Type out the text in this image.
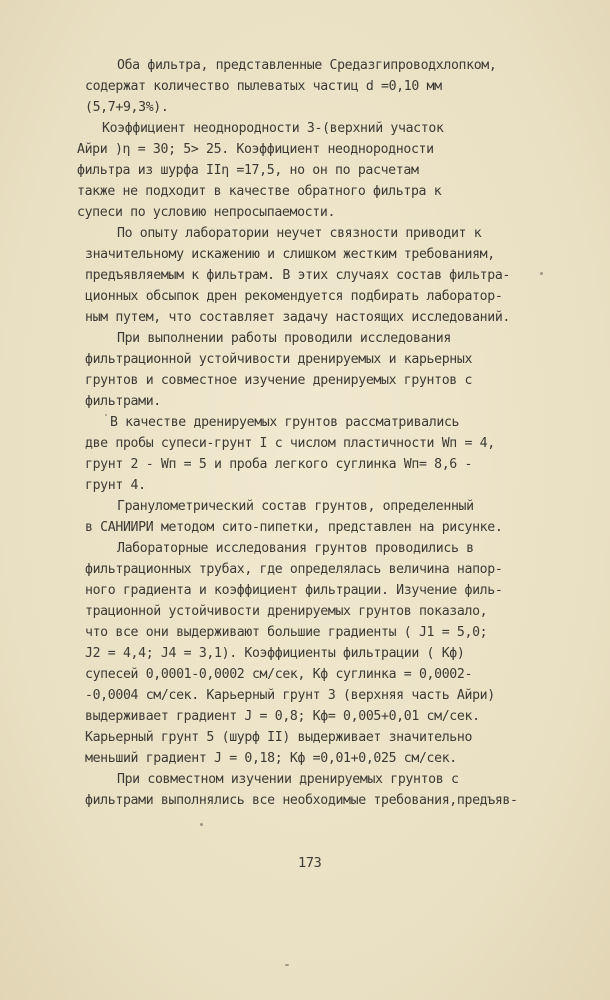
Оба фильтра, представленные Средазгипроводхлопком,
содержат количество пылеватых частиц d =0,10 мм
(5,7+9,3%).
Коэффициент неоднородности 3-(верхний участок
Айри )η = 30; 5> 25. Коэффициент неоднородности
фильтра из шурфа IIη =17,5, но он по расчетам
также не подходит в качестве обратного фильтра к
супеси по условию непросыпаемости.
По опыту лаборатории неучет связности приводит к
значительному искажению и слишком жестким требованиям,
предъявляемым к фильтрам. В этих случаях состав фильтра-
ционных обсыпок дрен рекомендуется подбирать лаборатор-
ным путем, что составляет задачу настоящих исследований.
При выполнении работы проводили исследования
фильтрационной устойчивости дренируемых и карьерных
грунтов и совместное изучение дренируемых грунтов с
фильтрами.
В качестве дренируемых грунтов рассматривались
две пробы супеси-грунт I с числом пластичности Wп = 4,
грунт 2 - Wп = 5 и проба легкого суглинка Wп= 8,6 -
грунт 4.
Гранулометрический состав грунтов, определенный
в САНИИРИ методом сито-пипетки, представлен на рисунке.
Лабораторные исследования грунтов проводились в
фильтрационных трубах, где определялась величина напор-
ного градиента и коэффициент фильтрации. Изучение филь-
трационной устойчивости дренируемых грунтов показало,
что все они выдерживают большие градиенты ( J1 = 5,0;
J2 = 4,4; J4 = 3,1). Коэффициенты фильтрации ( Кф)
супесей 0,0001-0,0002 см/сек, Кф суглинка = 0,0002-
-0,0004 см/сек. Карьерный грунт 3 (верхняя часть Айри)
выдерживает градиент J = 0,8; Кф= 0,005+0,01 см/сек.
Карьерный грунт 5 (шурф II) выдерживает значительно
меньший градиент J = 0,18; Кф =0,01+0,025 см/сек.
При совместном изучении дренируемых грунтов с
фильтрами выполнялись все необходимые требования,предъяв-
173
